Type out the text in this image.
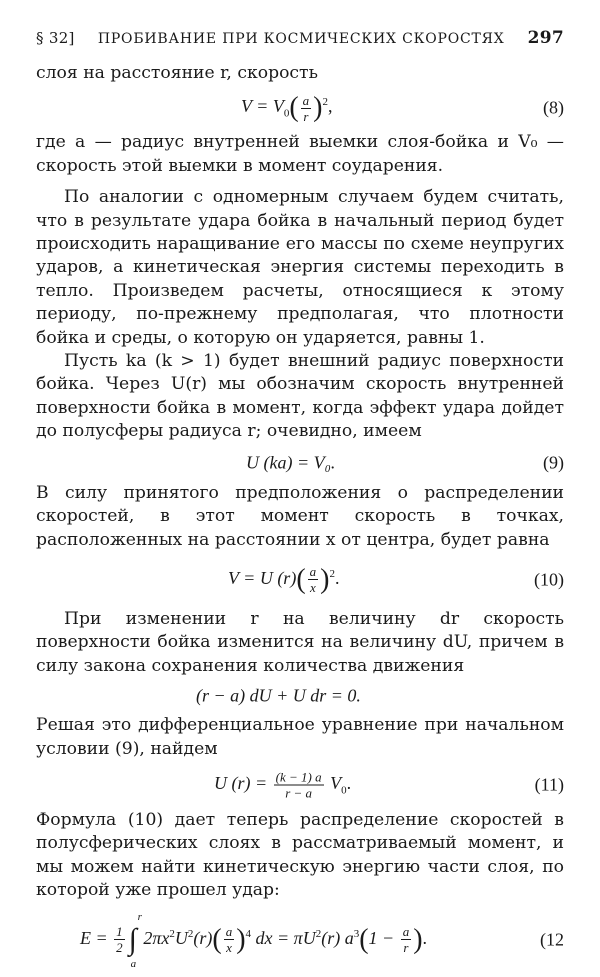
§ 32] ПРОБИВАНИЕ ПРИ КОСМИЧЕСКИХ СКОРОСТЯХ 297

слоя на расстояние r, скорость

$V = V_0( \frac{a}{r} )^2$,	(8)

где a — радиус внутренней выемки слоя-бойка и V₀ — скорость этой выемки в момент соударения.

По аналогии с одномерным случаем будем считать, что в результате удара бойка в начальный период будет происходить наращивание его массы по схеме неупругих ударов, а кинетическая энергия системы переходить в тепло. Произведем расчеты, относящиеся к этому периоду, по-прежнему предполагая, что плотности бойка и среды, о которую он ударяется, равны 1.

Пусть ka (k > 1) будет внешний радиус поверхности бойка. Через U(r) мы обозначим скорость внутренней поверхности бойка в момент, когда эффект удара дойдет до полусферы радиуса r; очевидно, имеем

U (ka) = V₀.	(9)

В силу принятого предположения о распределении скоростей, в этот момент скорость в точках, расположенных на расстоянии x от центра, будет равна

V = U $(r)( \frac{a}{x} )^2$.	(10)

При изменении r на величину dr скорость поверхности бойка изменится на величину dU, причем в силу закона сохранения количества движения

(r − a) dU + U dr = 0.

Решая это дифференциальное уравнение при начальном условии (9), найдем

U $(r) = \frac{(k - 1) a}{r - a} V_0$.	(11)

Формула (10) дает теперь распределение скоростей в полусферических слоях в рассматриваемый момент, и мы можем найти кинетическую энергию части слоя, по которой уже прошел удар:

$E = \frac{1}{2}$ ∫
r
a
$2\pi x^2U^2(r)( \frac{a}{x} )^4$ dx = $\pi U^2(r) a^3(1 - \frac{a}{r}$ ).	(12
